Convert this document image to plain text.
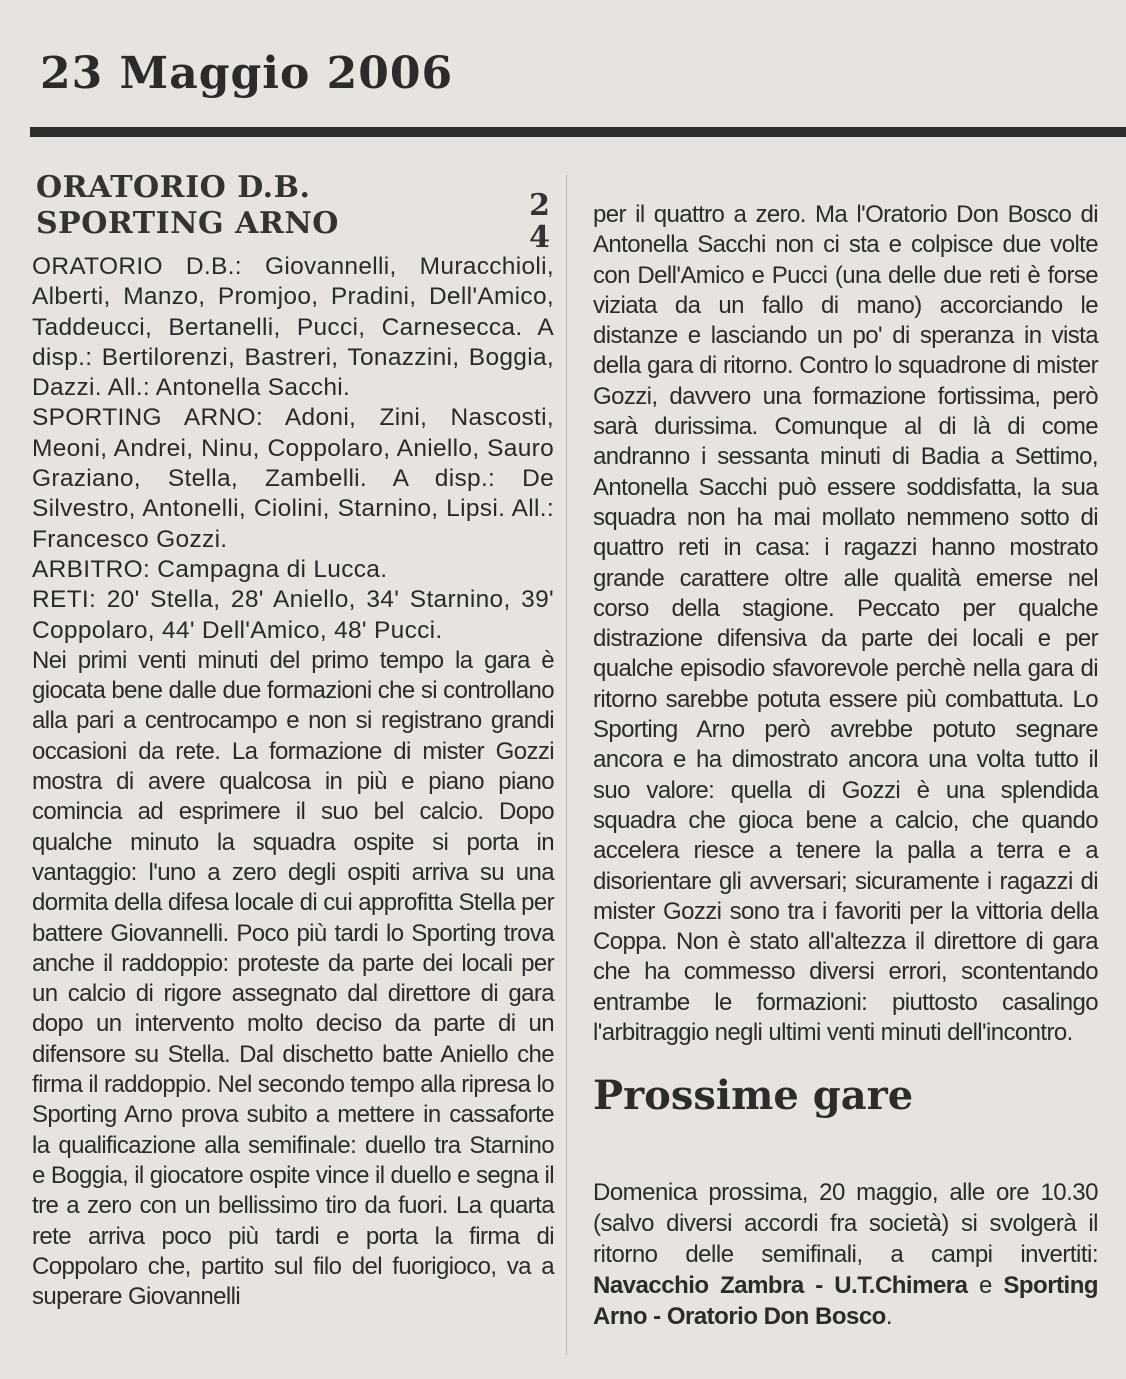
23 Maggio 2006
ORATORIO D.B.
2
SPORTING ARNO	4

ORATORIO D.B.: Giovannelli, Muracchioli, Alberti, Manzo, Promjoo, Pradini, Dell'Amico, Taddeucci, Bertanelli, Pucci, Carnesecca. A disp.: Bertilorenzi, Bastreri, Tonazzini, Boggia, Dazzi. All.: Antonella Sacchi.

SPORTING ARNO: Adoni, Zini, Nascosti, Meoni, Andrei, Ninu, Coppolaro, Aniello, Sauro Graziano, Stella, Zambelli. A disp.: De Silvestro, Antonelli, Ciolini, Starnino, Lipsi. All.: Francesco Gozzi.

ARBITRO: Campagna di Lucca.

RETI: 20' Stella, 28' Aniello, 34' Starnino, 39' Coppolaro, 44' Dell'Amico, 48' Pucci.

Nei primi venti minuti del primo tempo la gara è giocata bene dalle due formazioni che si controllano alla pari a centrocampo e non si registrano grandi occasioni da rete. La formazione di mister Gozzi mostra di avere qualcosa in più e piano piano comincia ad esprimere il suo bel calcio. Dopo qualche minuto la squadra ospite si porta in vantaggio: l'uno a zero degli ospiti arriva su una dormita della difesa locale di cui approfitta Stella per battere Giovannelli. Poco più tardi lo Sporting trova anche il raddoppio: proteste da parte dei locali per un calcio di rigore assegnato dal direttore di gara dopo un intervento molto deciso da parte di un difensore su Stella. Dal dischetto batte Aniello che firma il raddoppio. Nel secondo tempo alla ripresa lo Sporting Arno prova subito a mettere in cassaforte la qualificazione alla semifinale: duello tra Starnino e Boggia, il giocatore ospite vince il duello e segna il tre a zero con un bellissimo tiro da fuori. La quarta rete arriva poco più tardi e porta la firma di Coppolaro che, partito sul filo del fuorigioco, va a superare Giovannelli

per il quattro a zero. Ma l'Oratorio Don Bosco di Antonella Sacchi non ci sta e colpisce due volte con Dell'Amico e Pucci (una delle due reti è forse viziata da un fallo di mano) accorciando le distanze e lasciando un po' di speranza in vista della gara di ritorno. Contro lo squadrone di mister Gozzi, davvero una formazione fortissima, però sarà durissima. Comunque al di là di come andranno i sessanta minuti di Badia a Settimo, Antonella Sacchi può essere soddisfatta, la sua squadra non ha mai mollato nemmeno sotto di quattro reti in casa: i ragazzi hanno mostrato grande carattere oltre alle qualità emerse nel corso della stagione. Peccato per qualche distrazione difensiva da parte dei locali e per qualche episodio sfavorevole perchè nella gara di ritorno sarebbe potuta essere più combattuta. Lo Sporting Arno però avrebbe potuto segnare ancora e ha dimostrato ancora una volta tutto il suo valore: quella di Gozzi è una splendida squadra che gioca bene a calcio, che quando accelera riesce a tenere la palla a terra e a disorientare gli avversari; sicuramente i ragazzi di mister Gozzi sono tra i favoriti per la vittoria della Coppa. Non è stato all'altezza il direttore di gara che ha commesso diversi errori, scontentando entrambe le formazioni: piuttosto casalingo l'arbitraggio negli ultimi venti minuti dell'incontro.

Prossime gare

Domenica prossima, 20 maggio, alle ore 10.30 (salvo diversi accordi fra società) si svolgerà il ritorno delle semifinali, a campi invertiti: Navacchio Zambra - U.T.Chimera e Sporting Arno - Oratorio Don Bosco.
